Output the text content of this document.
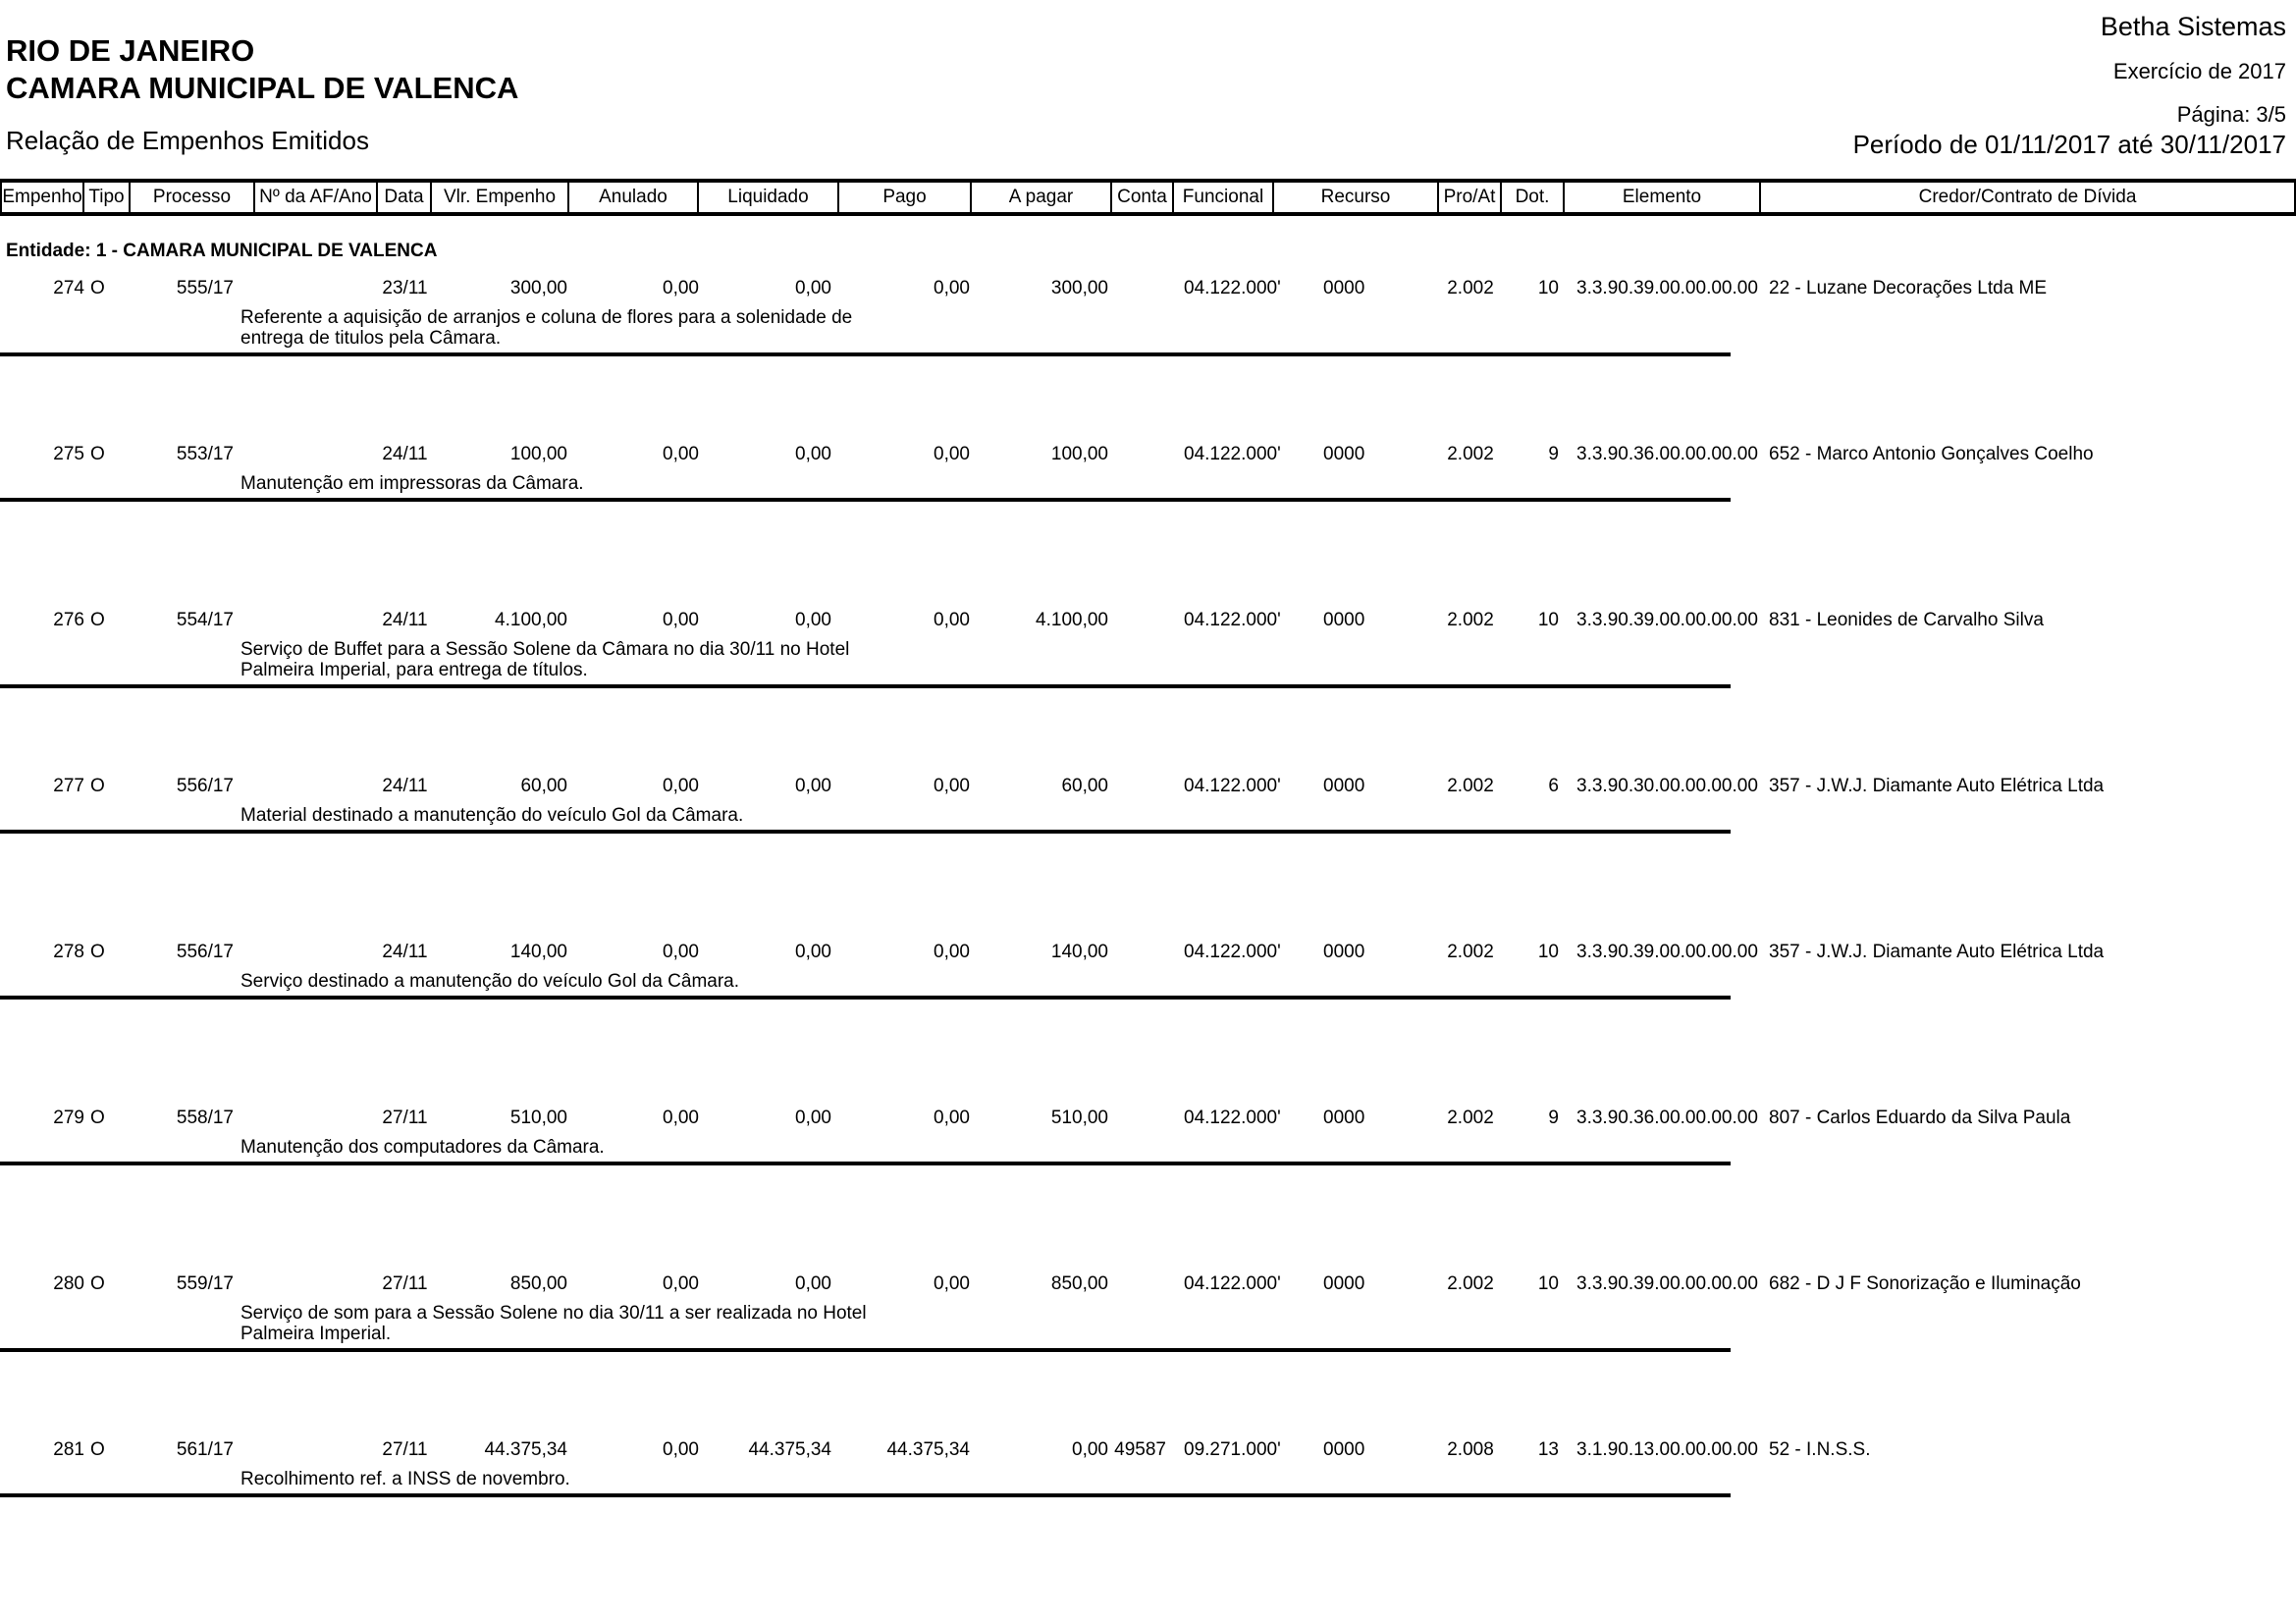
RIO DE JANEIRO
CAMARA MUNICIPAL DE VALENCA
Relação de Empenhos Emitidos
Betha Sistemas
Exercício de 2017
Página: 3/5
Período de 01/11/2017 até 30/11/2017
Empenho Tipo	Processo	Nº da AF/Ano Data	Vlr. Empenho	Anulado	Liquidado	Pago	A pagar	Conta Funcional	Recurso	Pro/At	Dot.	Elemento	Credor/Contrato de Dívida
Entidade: 1 - CAMARA MUNICIPAL DE VALENCA
274 O	555/17	23/11	300,00	0,00	0,00	0,00	300,00	04.122.000'	0000	2.002	10 3.3.90.39.00.00.00.00 22 - Luzane Decorações Ltda ME
Referente a aquisição de arranjos e coluna de flores para a solenidade de entrega de titulos pela Câmara.
275 O	553/17	24/11	100,00	0,00	0,00	0,00	100,00	04.122.000'	0000	2.002	9 3.3.90.36.00.00.00.00 652 - Marco Antonio Gonçalves Coelho
Manutenção em impressoras da Câmara.
276 O	554/17	24/11	4.100,00	0,00	0,00	0,00	4.100,00	04.122.000'	0000	2.002	10 3.3.90.39.00.00.00.00 831 - Leonides de Carvalho Silva
Serviço de Buffet para a Sessão Solene da Câmara no dia 30/11 no Hotel Palmeira Imperial, para entrega de títulos.
277 O	556/17	24/11	60,00	0,00	0,00	0,00	60,00	04.122.000'	0000	2.002	6 3.3.90.30.00.00.00.00 357 - J.W.J. Diamante Auto Elétrica Ltda
Material destinado a manutenção do veículo Gol da Câmara.
278 O	556/17	24/11	140,00	0,00	0,00	0,00	140,00	04.122.000'	0000	2.002	10 3.3.90.39.00.00.00.00 357 - J.W.J. Diamante Auto Elétrica Ltda
Serviço destinado a manutenção do veículo Gol da Câmara.
279 O	558/17	27/11	510,00	0,00	0,00	0,00	510,00	04.122.000'	0000	2.002	9 3.3.90.36.00.00.00.00 807 - Carlos Eduardo da Silva Paula
Manutenção dos computadores da Câmara.
280 O	559/17	27/11	850,00	0,00	0,00	0,00	850,00	04.122.000'	0000	2.002	10 3.3.90.39.00.00.00.00 682 - D J F Sonorização e Iluminação
Serviço de som para a Sessão Solene no dia 30/11 a ser realizada no Hotel Palmeira Imperial.
281 O	561/17	27/11	44.375,34	0,00	44.375,34	44.375,34	0,00 49587 09.271.000'	0000	2.008	13 3.1.90.13.00.00.00.00 52 - I.N.S.S.
Recolhimento ref. a INSS de novembro.
